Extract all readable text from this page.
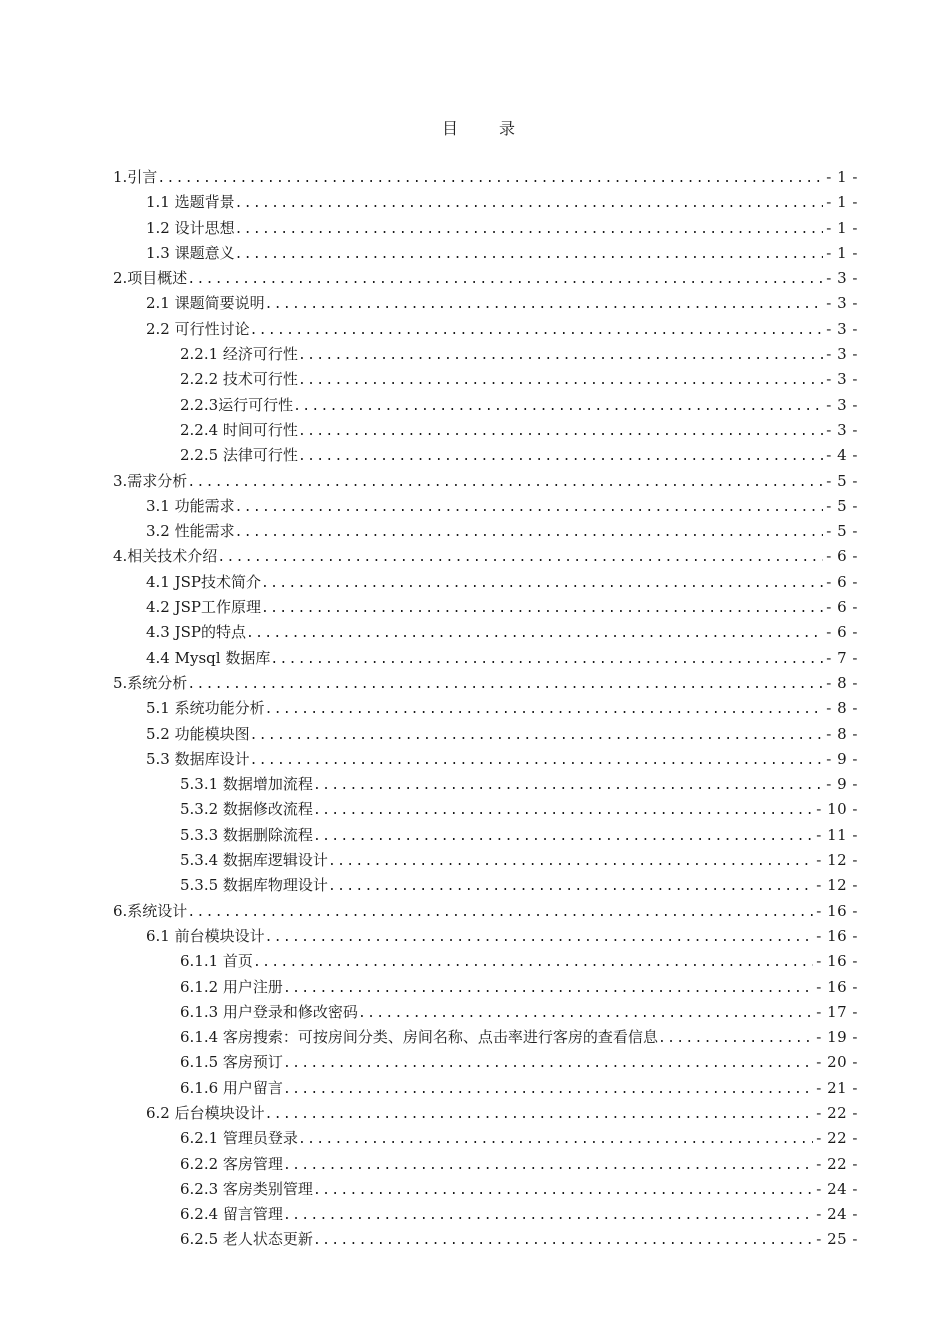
目 录
1.引言 .....	- 1 -
1.1 选题背景 .....	- 1 -
1.2 设计思想 .....	- 1 -
1.3 课题意义 .....	- 1 -
2.项目概述 .....	- 3 -
2.1 课题简要说明 .....	- 3 -
2.2 可行性讨论 .....	- 3 -
2.2.1 经济可行性 .....	- 3 -
2.2.2 技术可行性 .....	- 3 -
2.2.3运行可行性 .....	- 3 -
2.2.4 时间可行性 .....	- 3 -
2.2.5 法律可行性 .....	- 4 -
3.需求分析 .....	- 5 -
3.1 功能需求 .....	- 5 -
3.2 性能需求 .....	- 5 -
4.相关技术介绍 .....	- 6 -
4.1 JSP技术简介 .....	- 6 -
4.2 JSP工作原理 .....	- 6 -
4.3 JSP的特点 .....	- 6 -
4.4 Mysql 数据库 .....	- 7 -
5.系统分析 .....	- 8 -
5.1 系统功能分析 .....	- 8 -
5.2 功能模块图 .....	- 8 -
5.3 数据库设计 .....	- 9 -
5.3.1 数据增加流程 .....	- 9 -
5.3.2 数据修改流程 .....	- 10 -
5.3.3 数据删除流程 .....	- 11 -
5.3.4 数据库逻辑设计 .....	- 12 -
5.3.5 数据库物理设计 .....	- 12 -
6.系统设计 .....	- 16 -
6.1 前台模块设计 .....	- 16 -
6.1.1 首页 .....	- 16 -
6.1.2 用户注册 .....	- 16 -
6.1.3 用户登录和修改密码 .....	- 17 -
6.1.4 客房搜索：可按房间分类、房间名称、点击率进行客房的查看信息 .....	- 19 -
6.1.5 客房预订 .....	- 20 -
6.1.6 用户留言 .....	- 21 -
6.2 后台模块设计 .....	- 22 -
6.2.1 管理员登录 .....	- 22 -
6.2.2 客房管理 .....	- 22 -
6.2.3 客房类别管理 .....	- 24 -
6.2.4 留言管理 .....	- 24 -
6.2.5 老人状态更新 .....	- 25 -
